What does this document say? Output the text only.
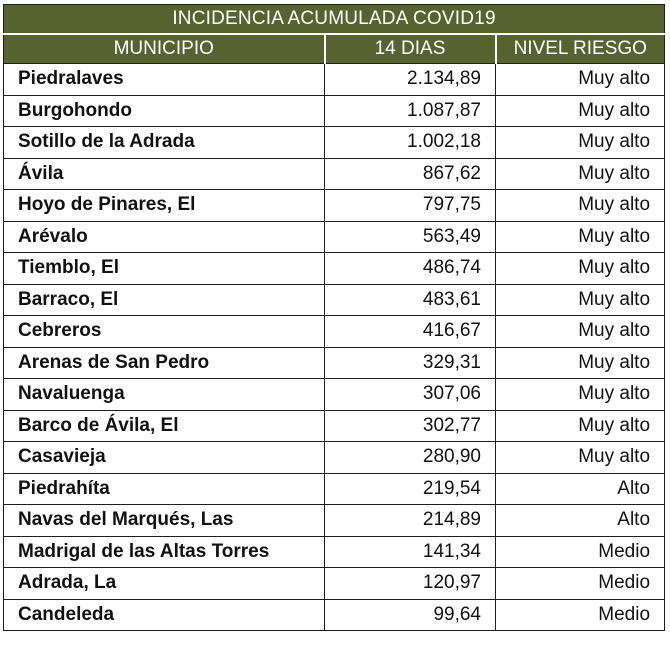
INCIDENCIA ACUMULADA COVID19		
MUNICIPIO	14 DIAS	NIVEL RIESGO
Piedralaves	2.134,89	Muy alto
Burgohondo	1.087,87	Muy alto
Sotillo de la Adrada	1.002,18	Muy alto
Ávila	867,62	Muy alto
Hoyo de Pinares, El	797,75	Muy alto
Arévalo	563,49	Muy alto
Tiemblo, El	486,74	Muy alto
Barraco, El	483,61	Muy alto
Cebreros	416,67	Muy alto
Arenas de San Pedro	329,31	Muy alto
Navaluenga	307,06	Muy alto
Barco de Ávila, El	302,77	Muy alto
Casavieja	280,90	Muy alto
Piedrahíta	219,54	Alto
Navas del Marqués, Las	214,89	Alto
Madrigal de las Altas Torres	141,34	Medio
Adrada, La	120,97	Medio
Candeleda	99,64	Medio
